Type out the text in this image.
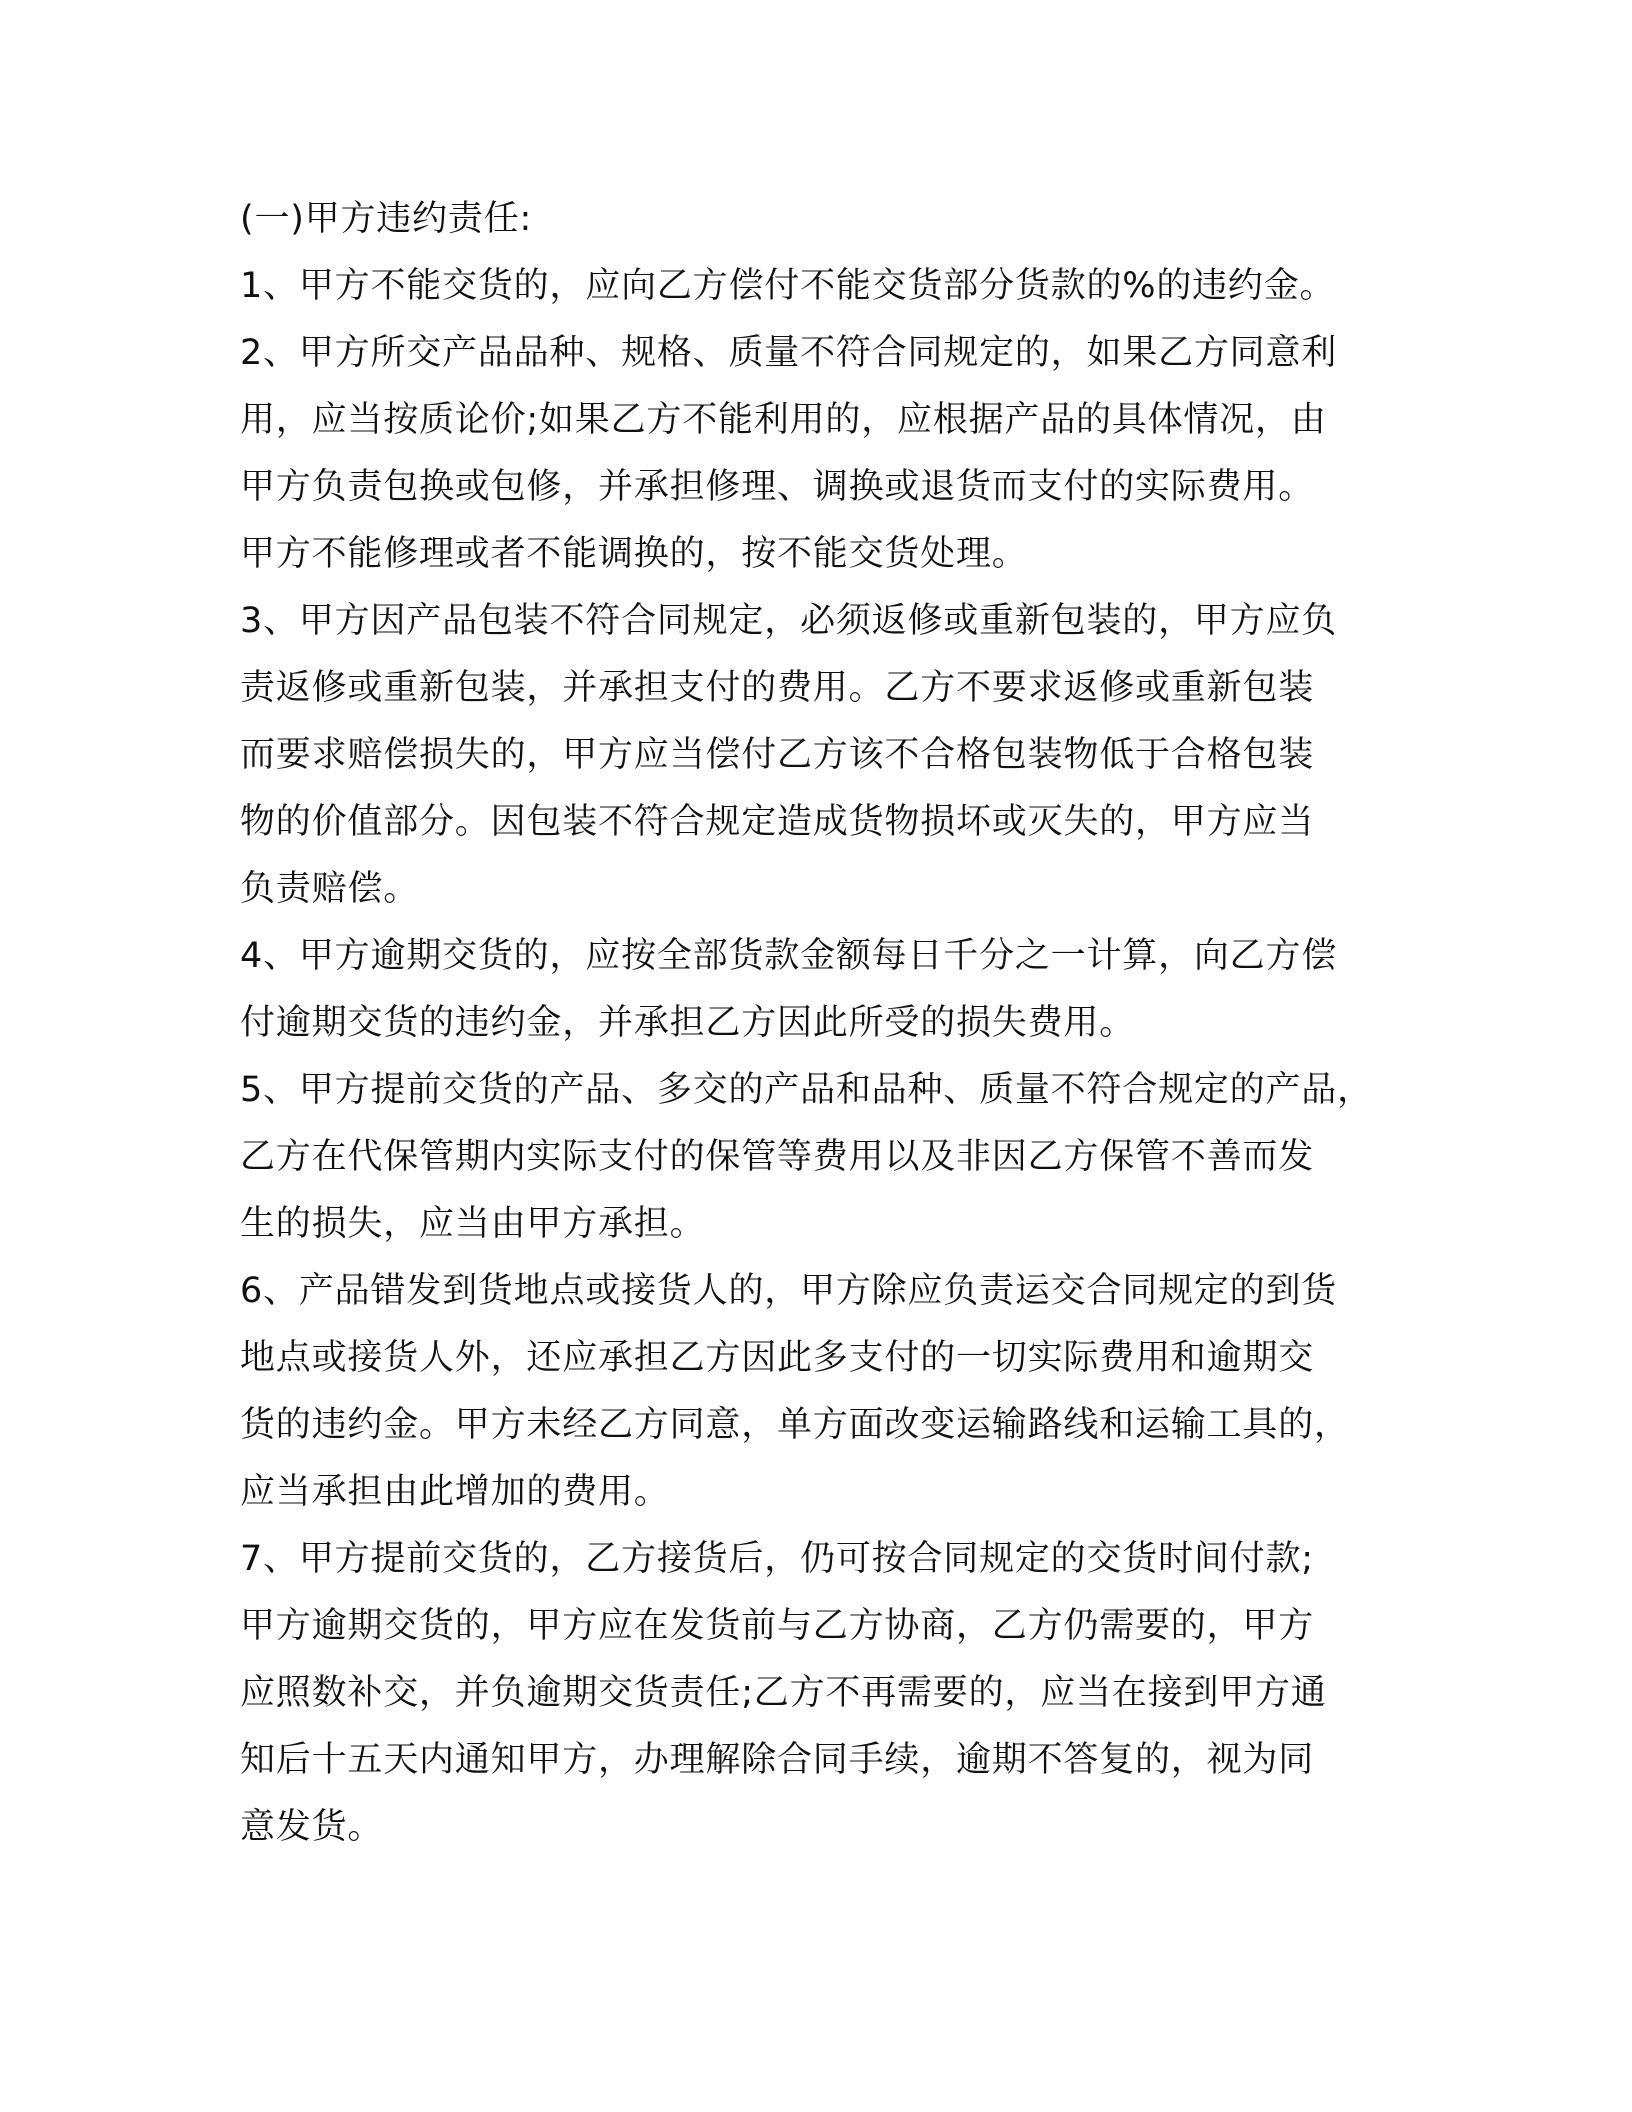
(一)甲方违约责任:
1、甲方不能交货的，应向乙方偿付不能交货部分货款的%的违约金。
2、甲方所交产品品种、规格、质量不符合同规定的，如果乙方同意利
用，应当按质论价;如果乙方不能利用的，应根据产品的具体情况，由
甲方负责包换或包修，并承担修理、调换或退货而支付的实际费用。
甲方不能修理或者不能调换的，按不能交货处理。
3、甲方因产品包装不符合同规定，必须返修或重新包装的，甲方应负
责返修或重新包装，并承担支付的费用。乙方不要求返修或重新包装
而要求赔偿损失的，甲方应当偿付乙方该不合格包装物低于合格包装
物的价值部分。因包装不符合规定造成货物损坏或灭失的，甲方应当
负责赔偿。
4、甲方逾期交货的，应按全部货款金额每日千分之一计算，向乙方偿
付逾期交货的违约金，并承担乙方因此所受的损失费用。
5、甲方提前交货的产品、多交的产品和品种、质量不符合规定的产品，
乙方在代保管期内实际支付的保管等费用以及非因乙方保管不善而发
生的损失，应当由甲方承担。
6、产品错发到货地点或接货人的，甲方除应负责运交合同规定的到货
地点或接货人外，还应承担乙方因此多支付的一切实际费用和逾期交
货的违约金。甲方未经乙方同意，单方面改变运输路线和运输工具的，
应当承担由此增加的费用。
7、甲方提前交货的，乙方接货后，仍可按合同规定的交货时间付款;
甲方逾期交货的，甲方应在发货前与乙方协商，乙方仍需要的，甲方
应照数补交，并负逾期交货责任;乙方不再需要的，应当在接到甲方通
知后十五天内通知甲方，办理解除合同手续，逾期不答复的，视为同
意发货。
